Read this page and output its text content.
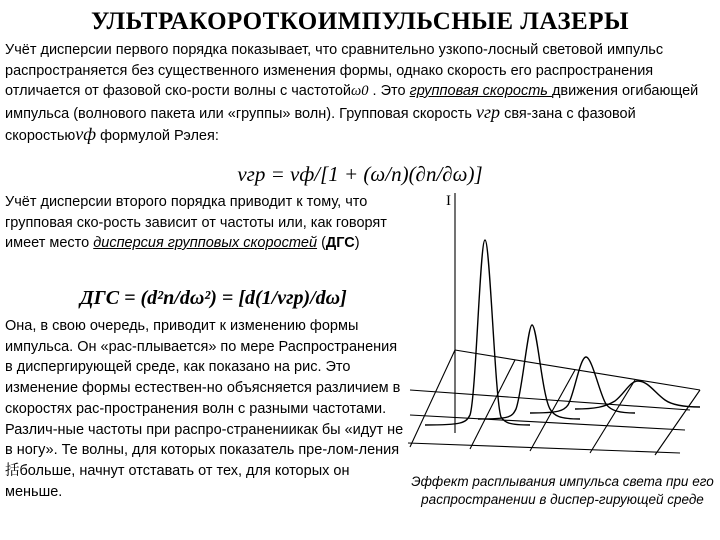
УЛЬТРАКОРОТКОИМПУЛЬСНЫЕ ЛАЗЕРЫ
Учёт дисперсии первого порядка показывает, что сравнительно узкопо-лосный световой импульс распространяется без существенного изменения формы, однако скорость его распространения отличается от фазовой ско-рости волны с частотойω0 . Это групповая скорость движения огибающей импульса (волнового пакета или «группы» волн). Групповая скорость vгр свя-зана с фазовой скоростьюvф формулой Рэлея:
vгр = vф/[1 + (ω/n)(∂n/∂ω)]
Учёт дисперсии второго порядка приводит к тому, что групповая ско-рость зависит от частоты или, как говорят имеет место дисперсия групповых скоростей (ДГС)
ДГС = (d²n/dω²) = [d(1/vгр)/dω]
Она, в свою очередь, приводит к изменению формы импульса. Он «рас-плывается» по мере Распространения в диспергирующей среде, как показано на рис. Это изменение формы естествен-но объясняется различием в скоростях рас-пространения волн с разными частотами. Различ-ные частоты при распро-странениикак бы «идут не в ногу». Те волны, для которых показатель пре-лом-ления括больше, начнут отставать от тех, для которых он меньше.
I
Эффект расплывания импульса света при его распространении в диспер-гирующей среде
